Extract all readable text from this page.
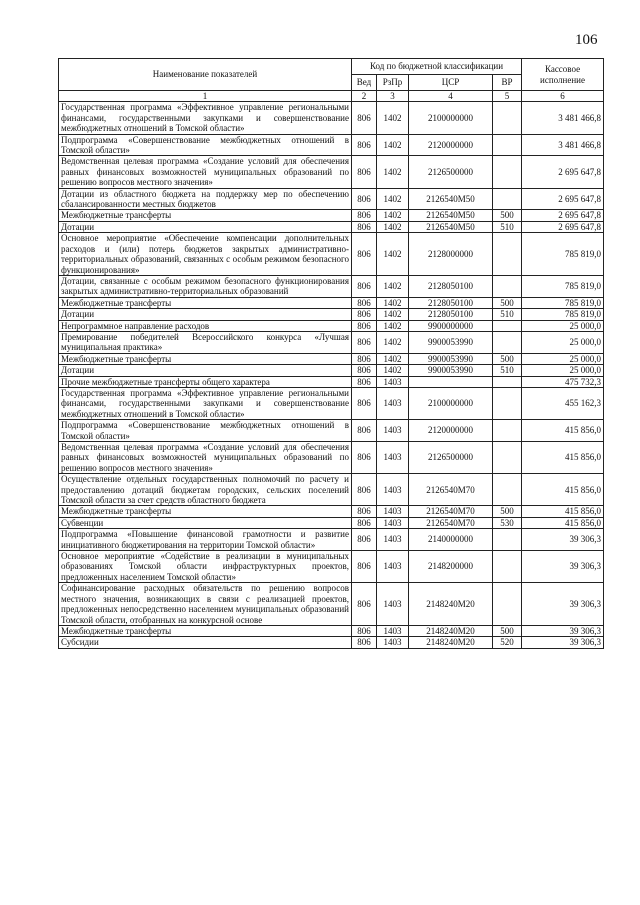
106
Наименование показателей	Код по бюджетной классификации				Кассовое исполнение
	Вед	РзПр	ЦСР	ВР	
1	2	3	4	5	6
Государственная программа «Эффективное управление региональными финансами, государственными закупками и совершенствование межбюджетных отношений в Томской области»	806	1402	2100000000		3 481 466,8
Подпрограмма «Совершенствование межбюджетных отношений в Томской области»	806	1402	2120000000		3 481 466,8
Ведомственная целевая программа «Создание условий для обеспечения равных финансовых возможностей муниципальных образований по решению вопросов местного значения»	806	1402	2126500000		2 695 647,8
Дотации из областного бюджета на поддержку мер по обеспечению сбалансированности местных бюджетов	806	1402	2126540М50		2 695 647,8
Межбюджетные трансферты	806	1402	2126540М50	500	2 695 647,8
Дотации	806	1402	2126540М50	510	2 695 647,8
Основное мероприятие «Обеспечение компенсации дополнительных расходов и (или) потерь бюджетов закрытых административно-территориальных образований, связанных с особым режимом безопасного функционирования»	806	1402	2128000000		785 819,0
Дотации, связанные с особым режимом безопасного функционирования закрытых административно-территориальных образований	806	1402	2128050100		785 819,0
Межбюджетные трансферты	806	1402	2128050100	500	785 819,0
Дотации	806	1402	2128050100	510	785 819,0
Непрограммное направление расходов	806	1402	9900000000		25 000,0
Премирование победителей Всероссийского конкурса «Лучшая муниципальная практика»	806	1402	9900053990		25 000,0
Межбюджетные трансферты	806	1402	9900053990	500	25 000,0
Дотации	806	1402	9900053990	510	25 000,0
Прочие межбюджетные трансферты общего характера	806	1403			475 732,3
Государственная программа «Эффективное управление региональными финансами, государственными закупками и совершенствование межбюджетных отношений в Томской области»	806	1403	2100000000		455 162,3
Подпрограмма «Совершенствование межбюджетных отношений в Томской области»	806	1403	2120000000		415 856,0
Ведомственная целевая программа «Создание условий для обеспечения равных финансовых возможностей муниципальных образований по решению вопросов местного значения»	806	1403	2126500000		415 856,0
Осуществление отдельных государственных полномочий по расчету и предоставлению дотаций бюджетам городских, сельских поселений Томской области за счет средств областного бюджета	806	1403	2126540М70		415 856,0
Межбюджетные трансферты	806	1403	2126540М70	500	415 856,0
Субвенции	806	1403	2126540М70	530	415 856,0
Подпрограмма «Повышение финансовой грамотности и развитие инициативного бюджетирования на территории Томской области»	806	1403	2140000000		39 306,3
Основное мероприятие «Содействие в реализации в муниципальных образованиях Томской области инфраструктурных проектов, предложенных населением Томской области»	806	1403	2148200000		39 306,3
Софинансирование расходных обязательств по решению вопросов местного значения, возникающих в связи с реализацией проектов, предложенных непосредственно населением муниципальных образований Томской области, отобранных на конкурсной основе	806	1403	2148240М20		39 306,3
Межбюджетные трансферты	806	1403	2148240М20	500	39 306,3
Субсидии	806	1403	2148240М20	520	39 306,3
